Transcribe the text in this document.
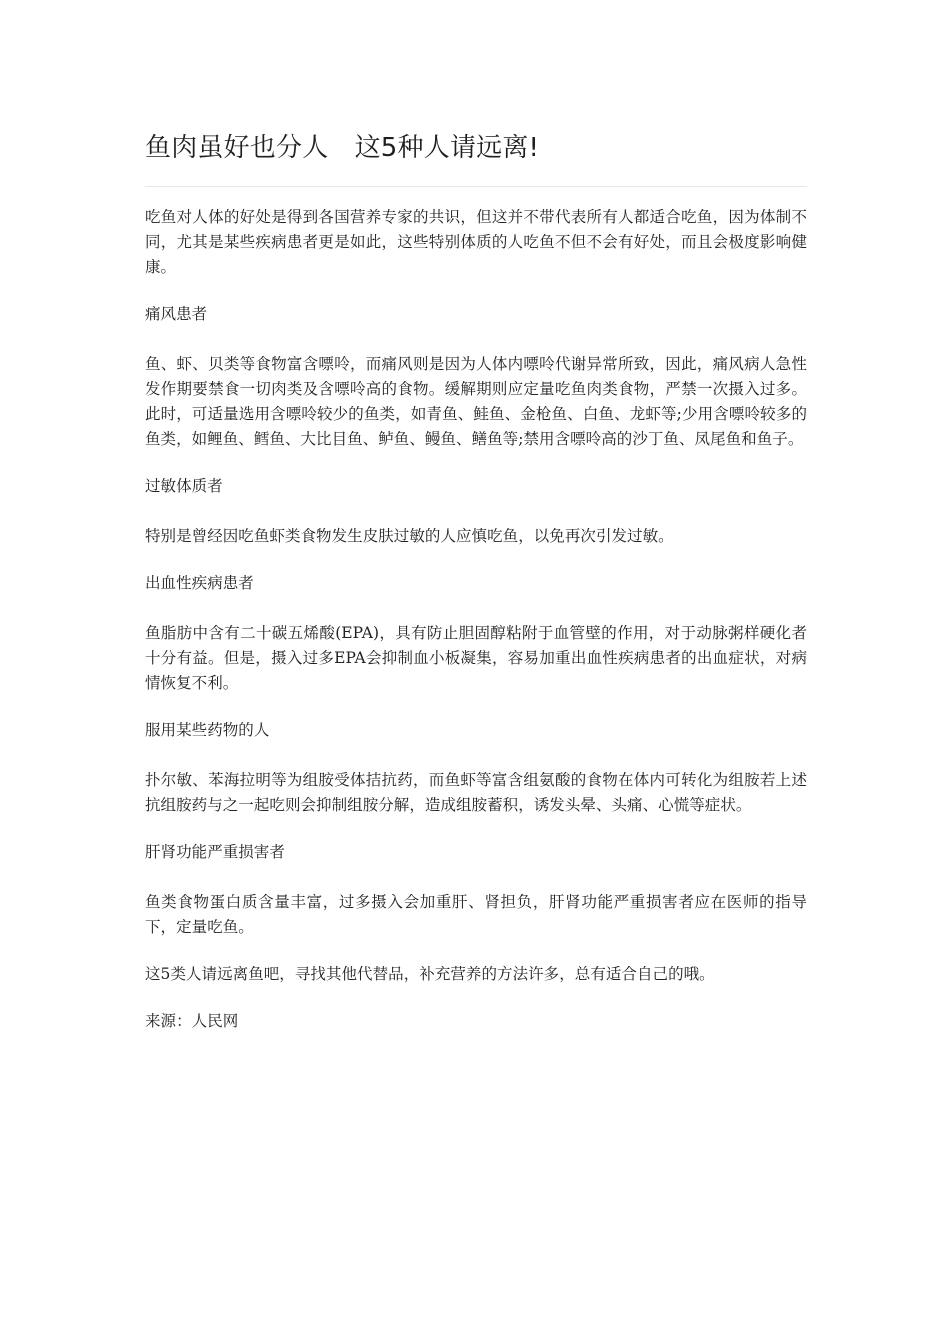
鱼肉虽好也分人　这5种人请远离!

吃鱼对人体的好处是得到各国营养专家的共识，但这并不带代表所有人都适合吃鱼，因为体制不同，尤其是某些疾病患者更是如此，这些特别体质的人吃鱼不但不会有好处，而且会极度影响健康。

痛风患者

鱼、虾、贝类等食物富含嘌呤，而痛风则是因为人体内嘌呤代谢异常所致，因此，痛风病人急性发作期要禁食一切肉类及含嘌呤高的食物。缓解期则应定量吃鱼肉类食物，严禁一次摄入过多。此时，可适量选用含嘌呤较少的鱼类，如青鱼、鲑鱼、金枪鱼、白鱼、龙虾等;少用含嘌呤较多的鱼类，如鲤鱼、鳕鱼、大比目鱼、鲈鱼、鳗鱼、鳝鱼等;禁用含嘌呤高的沙丁鱼、凤尾鱼和鱼子。

过敏体质者

特别是曾经因吃鱼虾类食物发生皮肤过敏的人应慎吃鱼，以免再次引发过敏。

出血性疾病患者

鱼脂肪中含有二十碳五烯酸(EPA)，具有防止胆固醇粘附于血管壁的作用，对于动脉粥样硬化者十分有益。但是，摄入过多EPA会抑制血小板凝集，容易加重出血性疾病患者的出血症状，对病情恢复不利。

服用某些药物的人

扑尔敏、苯海拉明等为组胺受体拮抗药，而鱼虾等富含组氨酸的食物在体内可转化为组胺若上述抗组胺药与之一起吃则会抑制组胺分解，造成组胺蓄积，诱发头晕、头痛、心慌等症状。

肝肾功能严重损害者

鱼类食物蛋白质含量丰富，过多摄入会加重肝、肾担负，肝肾功能严重损害者应在医师的指导下，定量吃鱼。

这5类人请远离鱼吧，寻找其他代替品，补充营养的方法许多，总有适合自己的哦。

来源：人民网
